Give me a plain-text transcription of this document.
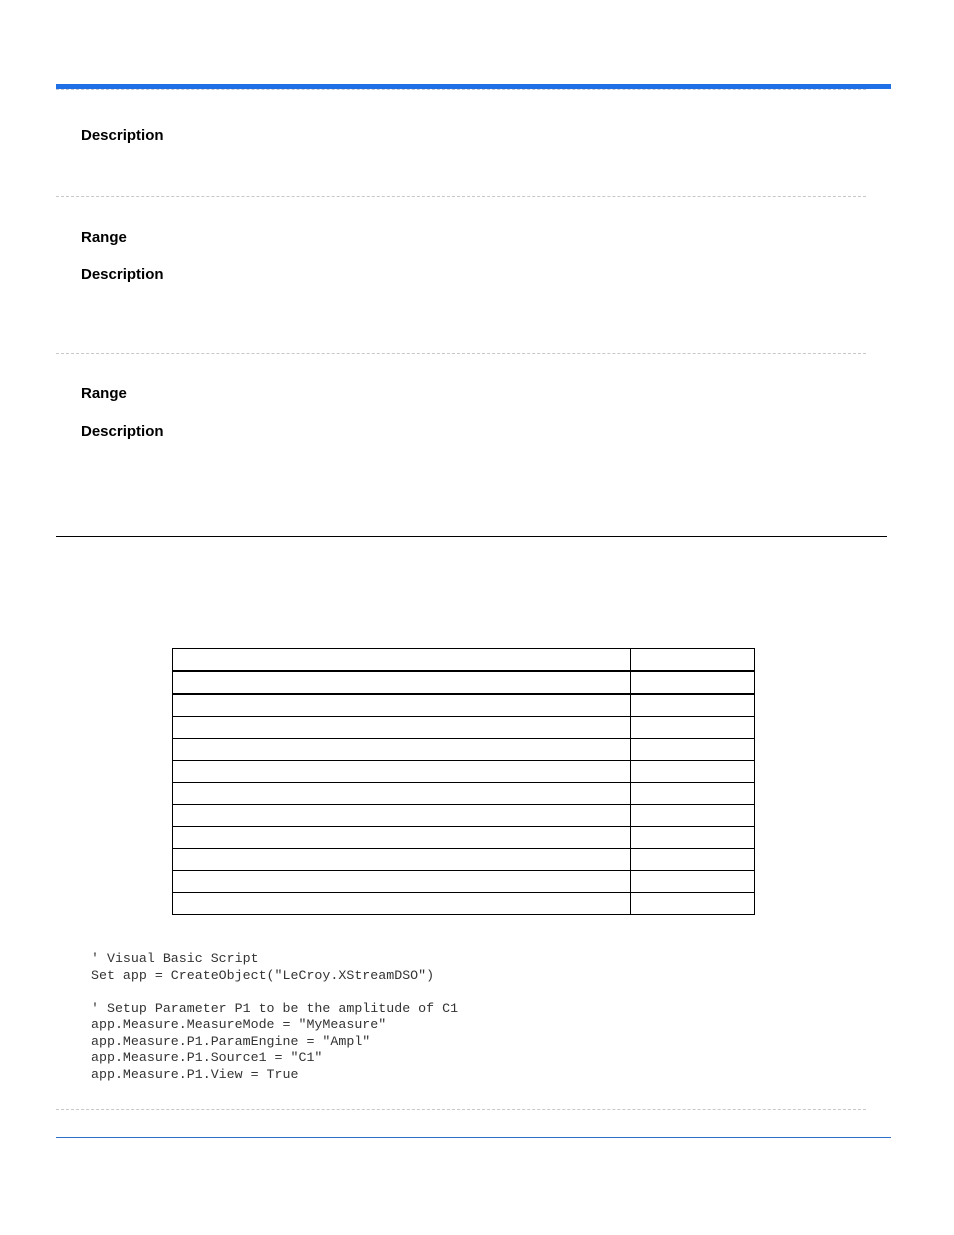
Description
Range
Description
Range
Description

' Visual Basic Script
Set app = CreateObject("LeCroy.XStreamDSO")

' Setup Parameter P1 to be the amplitude of C1
app.Measure.MeasureMode = "MyMeasure"
app.Measure.P1.ParamEngine = "Ampl"
app.Measure.P1.Source1 = "C1"
app.Measure.P1.View = True
